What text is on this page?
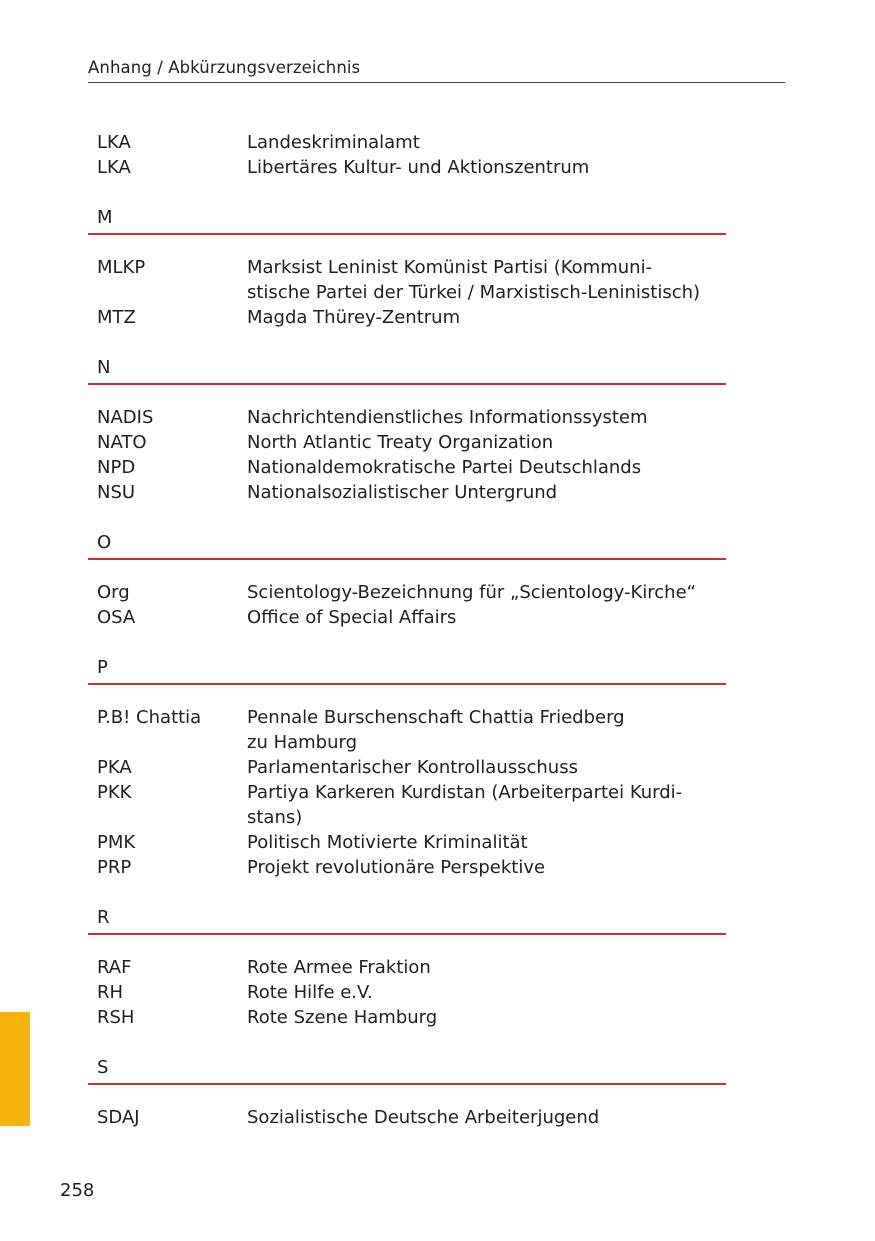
Anhang / Abkürzungsverzeichnis
LKA	Landeskriminalamt
LKA	Libertäres Kultur- und Aktionszentrum
M
MLKP	Marksist Leninist Komünist Partisi (Kommuni-
stische Partei der Türkei / Marxistisch-Leninistisch)
MTZ	Magda Thürey-Zentrum
N
NADIS	Nachrichtendienstliches Informationssystem
NATO	North Atlantic Treaty Organization
NPD	Nationaldemokratische Partei Deutschlands
NSU	Nationalsozialistischer Untergrund
O
Org	Scientology-Bezeichnung für „Scientology-Kirche“
OSA	Office of Special Affairs
P
P.B! Chattia	Pennale Burschenschaft Chattia Friedberg
zu Hamburg
PKA	Parlamentarischer Kontrollausschuss
PKK	Partiya Karkeren Kurdistan (Arbeiterpartei Kurdi-
stans)
PMK	Politisch Motivierte Kriminalität
PRP	Projekt revolutionäre Perspektive
R
RAF	Rote Armee Fraktion
RH	Rote Hilfe e.V.
RSH	Rote Szene Hamburg
S
SDAJ	Sozialistische Deutsche Arbeiterjugend
258
